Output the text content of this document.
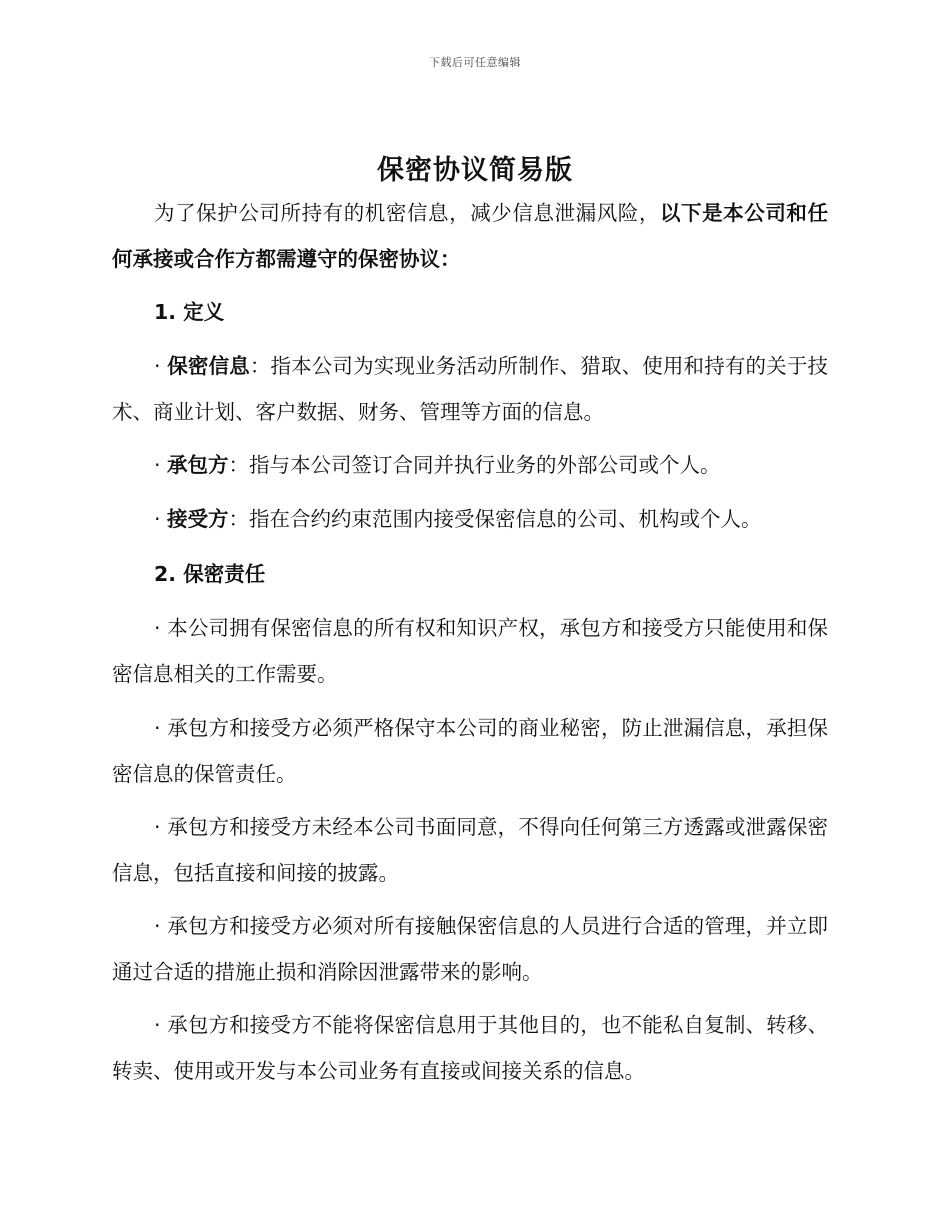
下载后可任意编辑
保密协议简易版

为了保护公司所持有的机密信息，减少信息泄漏风险，以下是本公司和任何承接或合作方都需遵守的保密协议：

1. 定义

· 保密信息：指本公司为实现业务活动所制作、猎取、使用和持有的关于技术、商业计划、客户数据、财务、管理等方面的信息。

· 承包方：指与本公司签订合同并执行业务的外部公司或个人。

· 接受方：指在合约约束范围内接受保密信息的公司、机构或个人。

2. 保密责任

· 本公司拥有保密信息的所有权和知识产权，承包方和接受方只能使用和保密信息相关的工作需要。

· 承包方和接受方必须严格保守本公司的商业秘密，防止泄漏信息，承担保密信息的保管责任。

· 承包方和接受方未经本公司书面同意，不得向任何第三方透露或泄露保密信息，包括直接和间接的披露。

· 承包方和接受方必须对所有接触保密信息的人员进行合适的管理，并立即通过合适的措施止损和消除因泄露带来的影响。

· 承包方和接受方不能将保密信息用于其他目的，也不能私自复制、转移、转卖、使用或开发与本公司业务有直接或间接关系的信息。
